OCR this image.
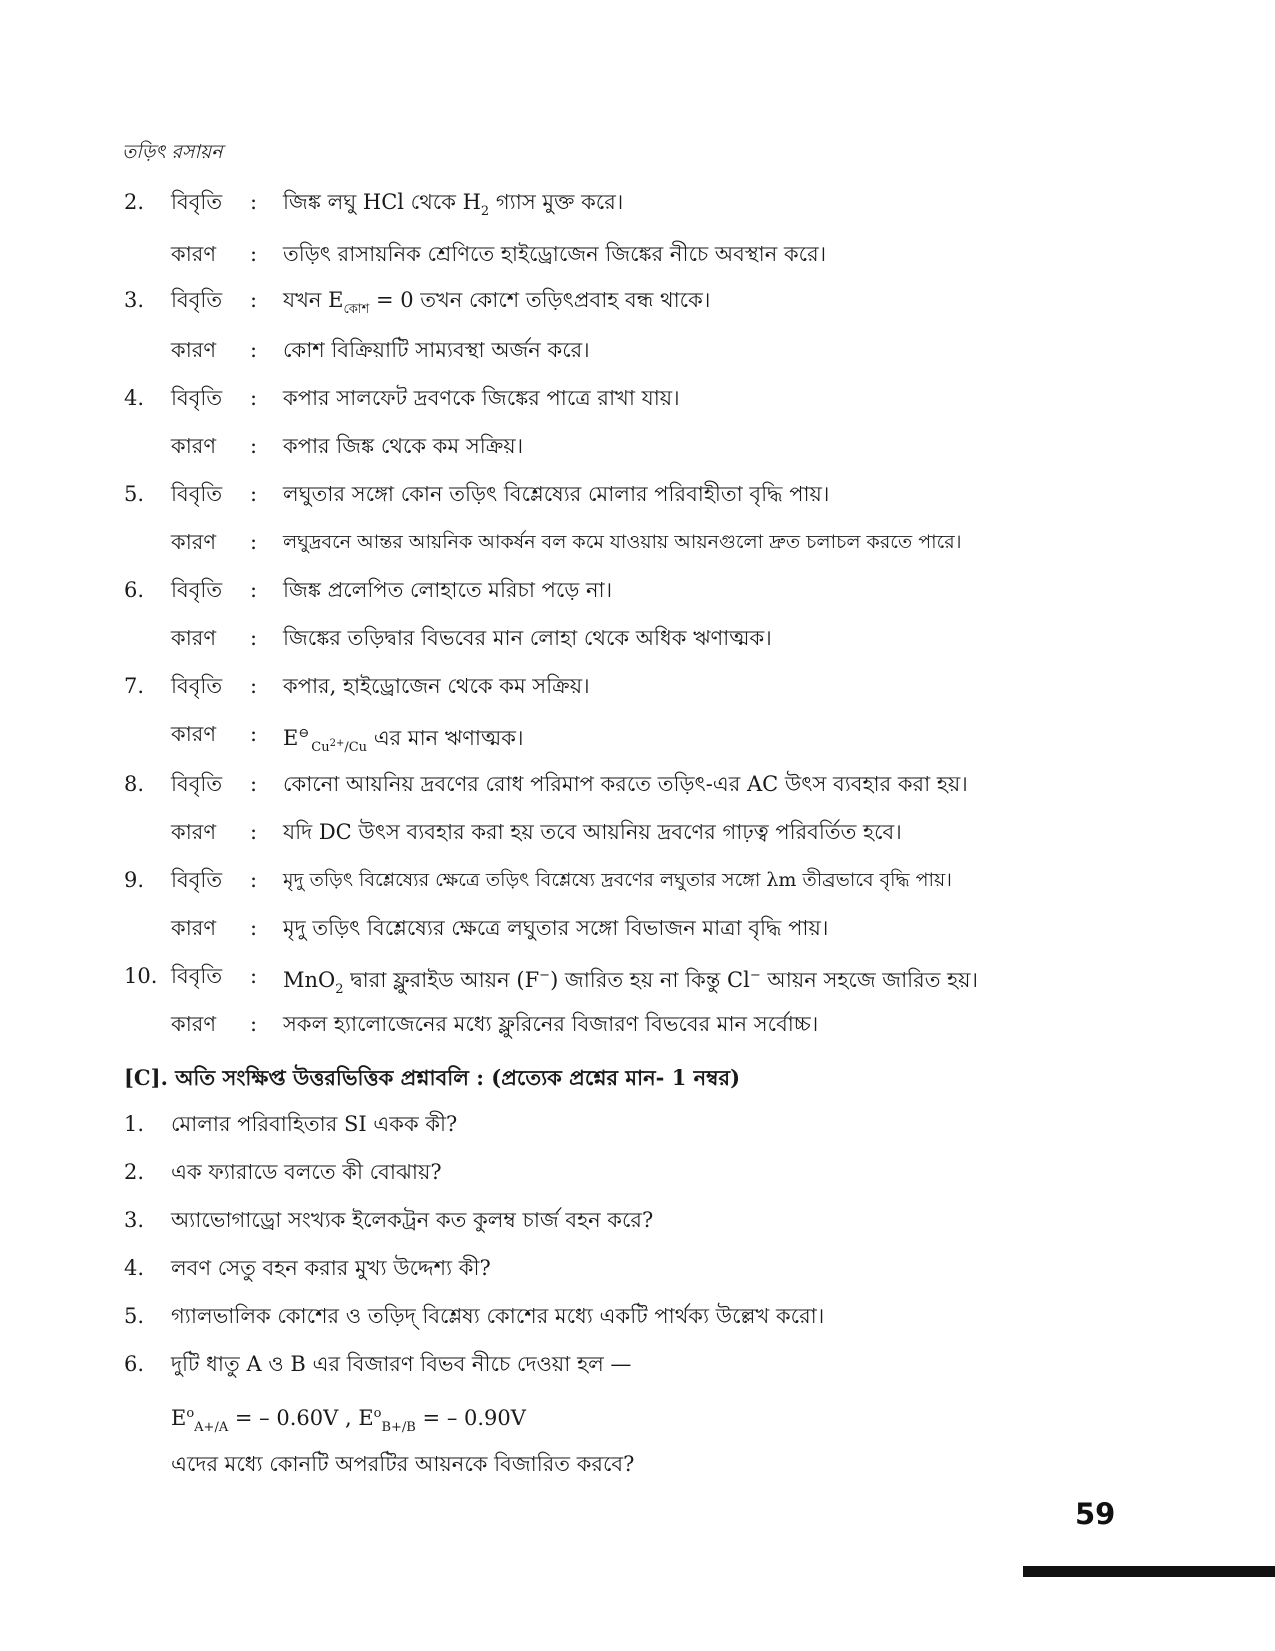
তড়িৎ রসায়ন
2. বিবৃতি : জিঙ্ক লঘু HCl থেকে $H_2$ গ্যাস মুক্ত করে।
কারণ : তড়িৎ রাসায়নিক শ্রেণিতে হাইড্রোজেন জিঙ্কের নীচে অবস্থান করে।
3. বিবৃতি : যখন $E_{কোশ} = 0$ তখন কোশে তড়িৎপ্রবাহ বন্ধ থাকে।
কারণ : কোশ বিক্রিয়াটি সাম্যবস্থা অর্জন করে।
4. বিবৃতি : কপার সালফেট দ্রবণকে জিঙ্কের পাত্রে রাখা যায়।
কারণ : কপার জিঙ্ক থেকে কম সক্রিয়।
5. বিবৃতি : লঘুতার সঙ্গো কোন তড়িৎ বিশ্লেষ্যের মোলার পরিবাহীতা বৃদ্ধি পায়।
কারণ : লঘুদ্রবনে আন্তর আয়নিক আকর্ষন বল কমে যাওয়ায় আয়নগুলো দ্রুত চলাচল করতে পারে।
6. বিবৃতি : জিঙ্ক প্রলেপিত লোহাতে মরিচা পড়ে না।
কারণ : জিঙ্কের তড়িদ্বার বিভবের মান লোহা থেকে অধিক ঋণাত্মক।
7. বিবৃতি : কপার, হাইড্রোজেন থেকে কম সক্রিয়।
কারণ : $E^⊖_{Cu^{2+}/Cu}$ এর মান ঋণাত্মক।
8. বিবৃতি : কোনো আয়নিয় দ্রবণের রোধ পরিমাপ করতে তড়িৎ-এর AC উৎস ব্যবহার করা হয়।
কারণ : যদি DC উৎস ব্যবহার করা হয় তবে আয়নিয় দ্রবণের গাঢ়ত্ব পরিবর্তিত হবে।
9. বিবৃতি : মৃদু তড়িৎ বিশ্লেষ্যের ক্ষেত্রে তড়িৎ বিশ্লেষ্যে দ্রবণের লঘুতার সঙ্গো λm তীব্রভাবে বৃদ্ধি পায়।
কারণ : মৃদু তড়িৎ বিশ্লেষ্যের ক্ষেত্রে লঘুতার সঙ্গো বিভাজন মাত্রা বৃদ্ধি পায়।
10. বিবৃতি : MnO$_2$ দ্বারা ফ্লুরাইড আয়ন (F−) জারিত হয় না কিন্তু Cl− আয়ন সহজে জারিত হয়।
কারণ : সকল হ্যালোজেনের মধ্যে ফ্লুরিনের বিজারণ বিভবের মান সর্বোচ্চ।
[C]. অতি সংক্ষিপ্ত উত্তরভিত্তিক প্রশ্নাবলি : (প্রত্যেক প্রশ্নের মান- 1 নম্বর)
1. মোলার পরিবাহিতার SI একক কী?
2. এক ফ্যারাডে বলতে কী বোঝায়?
3. অ্যাভোগাড্রো সংখ্যক ইলেকট্রন কত কুলম্ব চার্জ বহন করে?
4. লবণ সেতু বহন করার মুখ্য উদ্দেশ্য কী?
5. গ্যালভালিক কোশের ও তড়িদ্ বিশ্লেষ্য কোশের মধ্যে একটি পার্থক্য উল্লেখ করো।
6. দুটি ধাতু A ও B এর বিজারণ বিভব নীচে দেওয়া হল —
$E^o_{A+/A}$ = – 0.60V , $E^o_{B+/B}$ = – 0.90V
এদের মধ্যে কোনটি অপরটির আয়নকে বিজারিত করবে?
59
